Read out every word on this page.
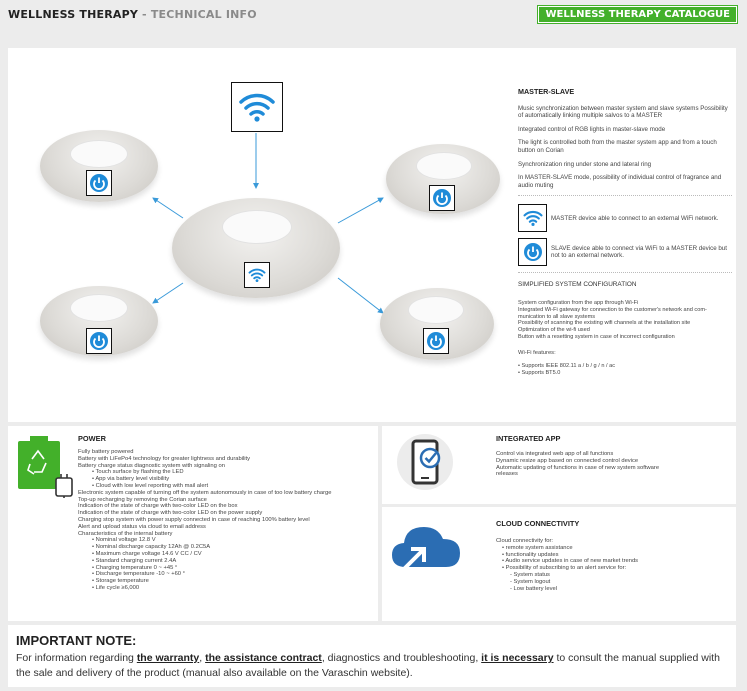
WELLNESS THERAPY - TECHNICAL INFO	WELLNESS THERAPY CATALOGUE
MASTER-SLAVE

Music synchronization between master system and slave systems Possibility of automatically linking multiple salvos to a MASTER

Integrated control of RGB lights in master-slave mode

The light is controlled both from the master system app and from a touch button on Corian

Synchronization ring under stone and lateral ring

In MASTER-SLAVE mode, possibility of individual control of fragrance and audio muting

MASTER device able to connect to an external WiFi network.
SLAVE device able to connect via WiFi to a MASTER device but not to an external network.
SIMPLIFIED SYSTEM CONFIGURATION
System configuration from the app through Wi-Fi
Integrated Wi-Fi gateway for connection to the customer's network and com-
munication to all slave systems
Possibility of scanning the existing wifi channels at the installation site
Optimization of the wi-fi used
Button with a resetting system in case of incorrect configuration
Wi-Fi features:
• Supports IEEE 802.11 a / b / g / n / ac
• Supports BT5.0
POWER
Fully battery powered
Battery with LiFePo4 technology for greater lightness and durability
Battery charge status diagnostic system with signaling on
• Touch surface by flashing the LED
• App via battery level visibility
• Cloud with low level reporting with mail alert
Electronic system capable of turning off the system autonomously in case of too low battery charge
Top-up recharging by removing the Corian surface
Indication of the state of charge with two-color LED on the box
Indication of the state of charge with two-color LED on the power supply
Charging stop system with power supply connected in case of reaching 100% battery level
Alert and upload status via cloud to email address
Characteristics of the internal battery
• Nominal voltage 12.8 V
• Nominal discharge capacity 12Ah @ 0.2C5A
• Maximum charge voltage 14.6 V CC / CV
• Standard charging current 2.4A
• Charging temperature 0 ~ +45 °
• Discharge temperature -10 ~ +60 °
• Storage temperature
• Life cycle ≥6,000
INTEGRATED APP
Control via integrated web app of all functions
Dynamic resize app based on connected control device
Automatic updating of functions in case of new system software
releases
CLOUD CONNECTIVITY
Cloud connectivity for:
• remote system assistance
• functionality updates
• Audio service updates in case of new market trends
• Possibility of subscribing to an alert service for:
- System status
- System logout
- Low battery level
IMPORTANT NOTE:
For information regarding the warranty, the assistance contract, diagnostics and troubleshooting, it is necessary to consult the manual supplied with the sale and delivery of the product (manual also available on the Varaschin website).
